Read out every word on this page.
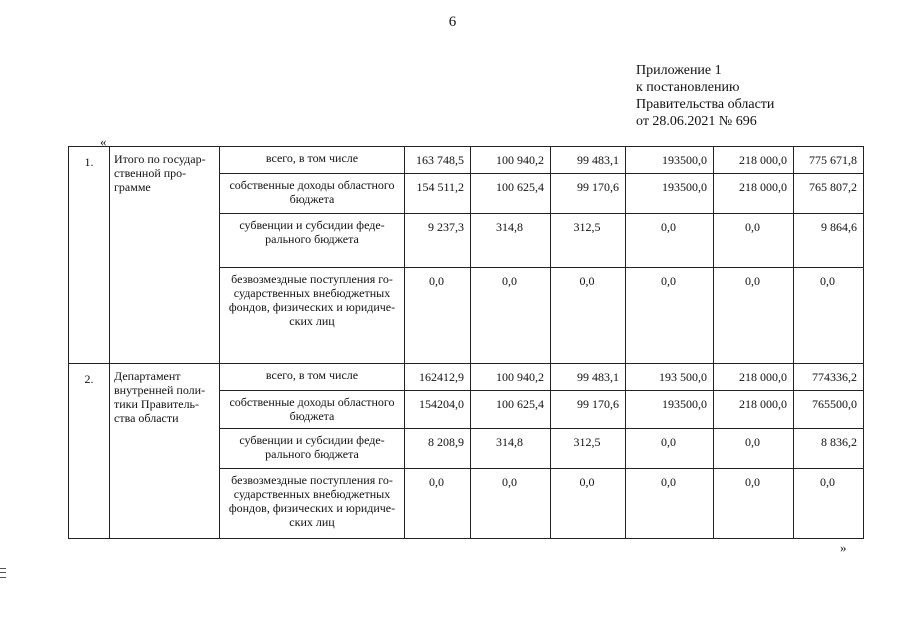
6
Приложение 1
к постановлению
Правительства области
от 28.06.2021 № 696
«
1.	Итого по государ-ственной про-грамме	всего, в том числе	163 748,5	100 940,2	99 483,1	193500,0	218 000,0	775 671,8
		собственные доходы областного бюджета	154 511,2	100 625,4	99 170,6	193500,0	218 000,0	765 807,2
		субвенции и субсидии феде-рального бюджета	9 237,3	314,8	312,5	0,0	0,0	9 864,6
		безвозмездные поступления го-сударственных внебюджетных фондов, физических и юридиче-ских лиц	0,0	0,0	0,0	0,0	0,0	0,0
2.	Департамент внутренней поли-тики Правитель-ства области	всего, в том числе	162412,9	100 940,2	99 483,1	193 500,0	218 000,0	774336,2
		собственные доходы областного бюджета	154204,0	100 625,4	99 170,6	193500,0	218 000,0	765500,0
		субвенции и субсидии феде-рального бюджета	8 208,9	314,8	312,5	0,0	0,0	8 836,2
		безвозмездные поступления го-сударственных внебюджетных фондов, физических и юридиче-ских лиц	0,0	0,0	0,0	0,0	0,0	0,0
»
